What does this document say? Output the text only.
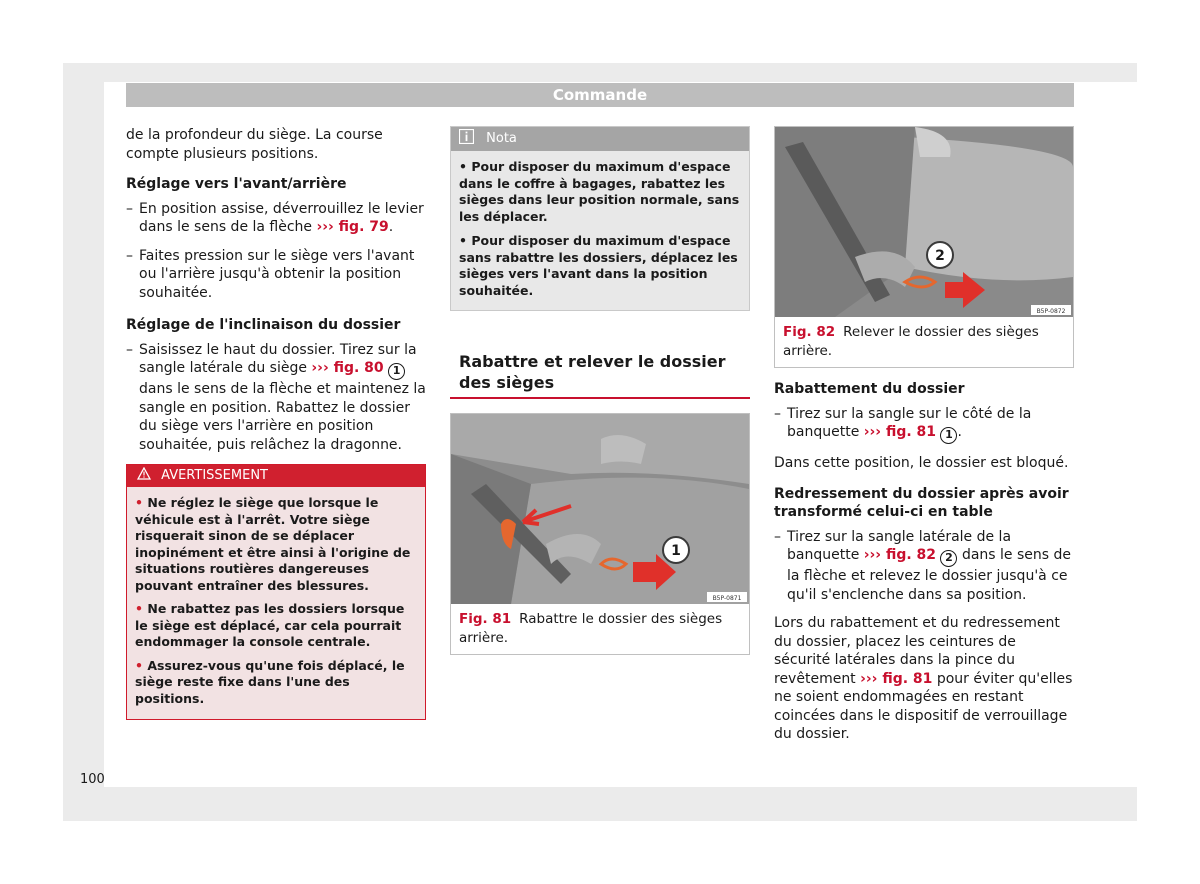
Commande

de la profondeur du siège. La course compte plusieurs positions.

Réglage vers l'avant/arrière
– En position assise, déverrouillez le levier dans le sens de la flèche ››› fig. 79.
– Faites pression sur le siège vers l'avant ou l'arrière jusqu'à obtenir la position souhaitée.
Réglage de l'inclinaison du dossier
– Saisissez le haut du dossier. Tirez sur la sangle latérale du siège ››› fig. 80 1 dans le sens de la flèche et maintenez la sangle en position. Rabattez le dossier du siège vers l'arrière en position souhaitée, puis relâchez la dragonne.
AVERTISSEMENT
• Ne réglez le siège que lorsque le véhicule est à l'arrêt. Votre siège risquerait sinon de se déplacer inopinément et être ainsi à l'origine de situations routières dangereuses pouvant entraîner des blessures.
• Ne rabattez pas les dossiers lorsque le siège est déplacé, car cela pourrait endommager la console centrale.
• Assurez-vous qu'une fois déplacé, le siège reste fixe dans l'une des positions.
Nota
• Pour disposer du maximum d'espace dans le coffre à bagages, rabattez les sièges dans leur position normale, sans les déplacer.
• Pour disposer du maximum d'espace sans rabattre les dossiers, déplacez les sièges vers l'avant dans la position souhaitée.
Rabattre et relever le dossier des sièges
1
B5P-0871
Fig. 81 Rabattre le dossier des sièges arrière.
2
B5P-0872
Fig. 82 Relever le dossier des sièges arrière.
Rabattement du dossier
– Tirez sur la sangle sur le côté de la banquette ››› fig. 81 1 .

Dans cette position, le dossier est bloqué.

Redressement du dossier après avoir transformé celui-ci en table
– Tirez sur la sangle latérale de la banquette ››› fig. 82 2 dans le sens de la flèche et relevez le dossier jusqu'à ce qu'il s'enclenche dans sa position.

Lors du rabattement et du redressement du dossier, placez les ceintures de sécurité latérales dans la pince du revêtement ››› fig. 81 pour éviter qu'elles ne soient endommagées en restant coincées dans le dispositif de verrouillage du dossier.

100
